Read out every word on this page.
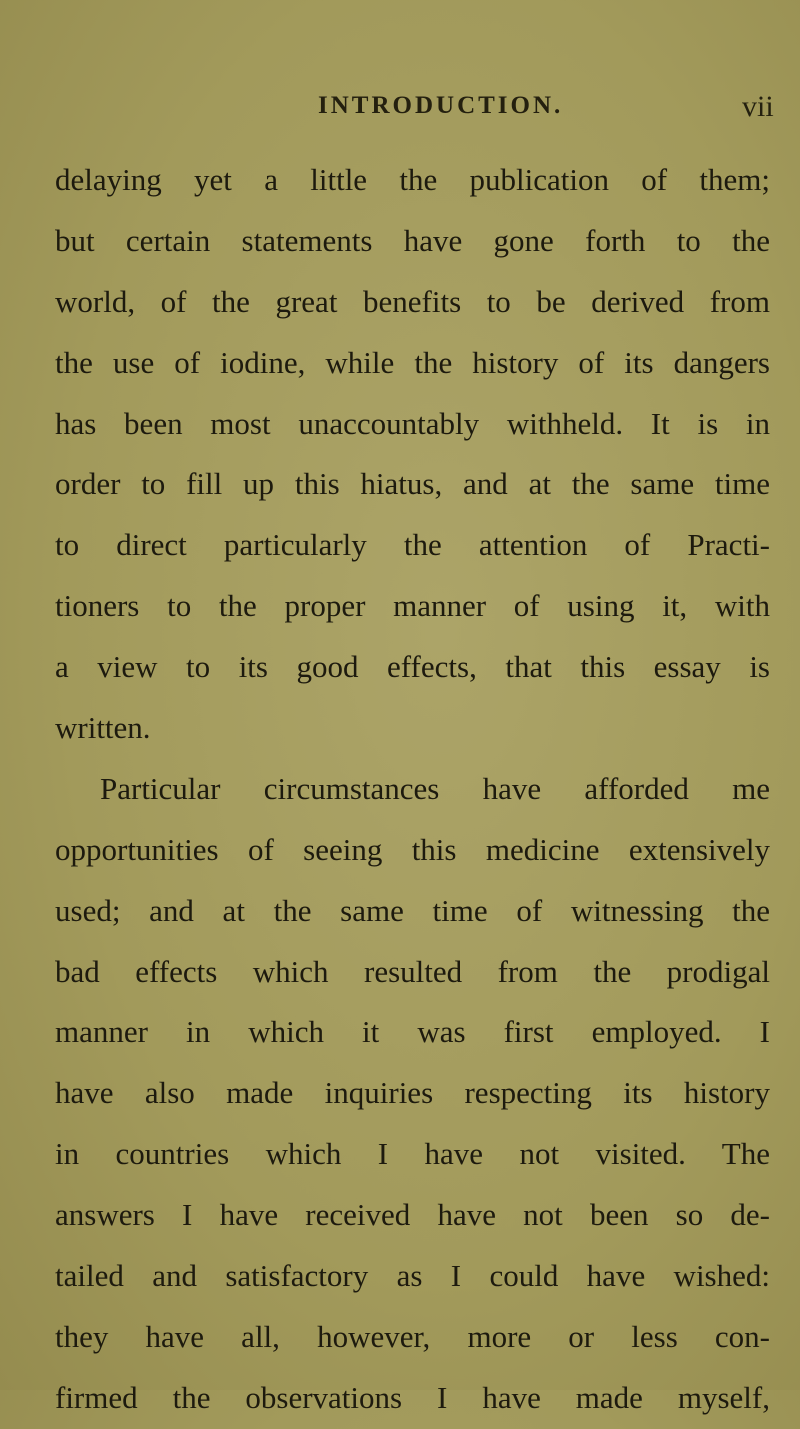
INTRODUCTION.	vii
delaying yet a little the publication of them;
but certain statements have gone forth to the
world, of the great benefits to be derived from
the use of iodine, while the history of its dangers
has been most unaccountably withheld. It is in
order to fill up this hiatus, and at the same time
to direct particularly the attention of Practi-
tioners to the proper manner of using it, with
a view to its good effects, that this essay is
written.
Particular circumstances have afforded me
opportunities of seeing this medicine extensively
used; and at the same time of witnessing the
bad effects which resulted from the prodigal
manner in which it was first employed. I
have also made inquiries respecting its history
in countries which I have not visited. The
answers I have received have not been so de-
tailed and satisfactory as I could have wished:
they have all, however, more or less con-
firmed the observations I have made myself,
